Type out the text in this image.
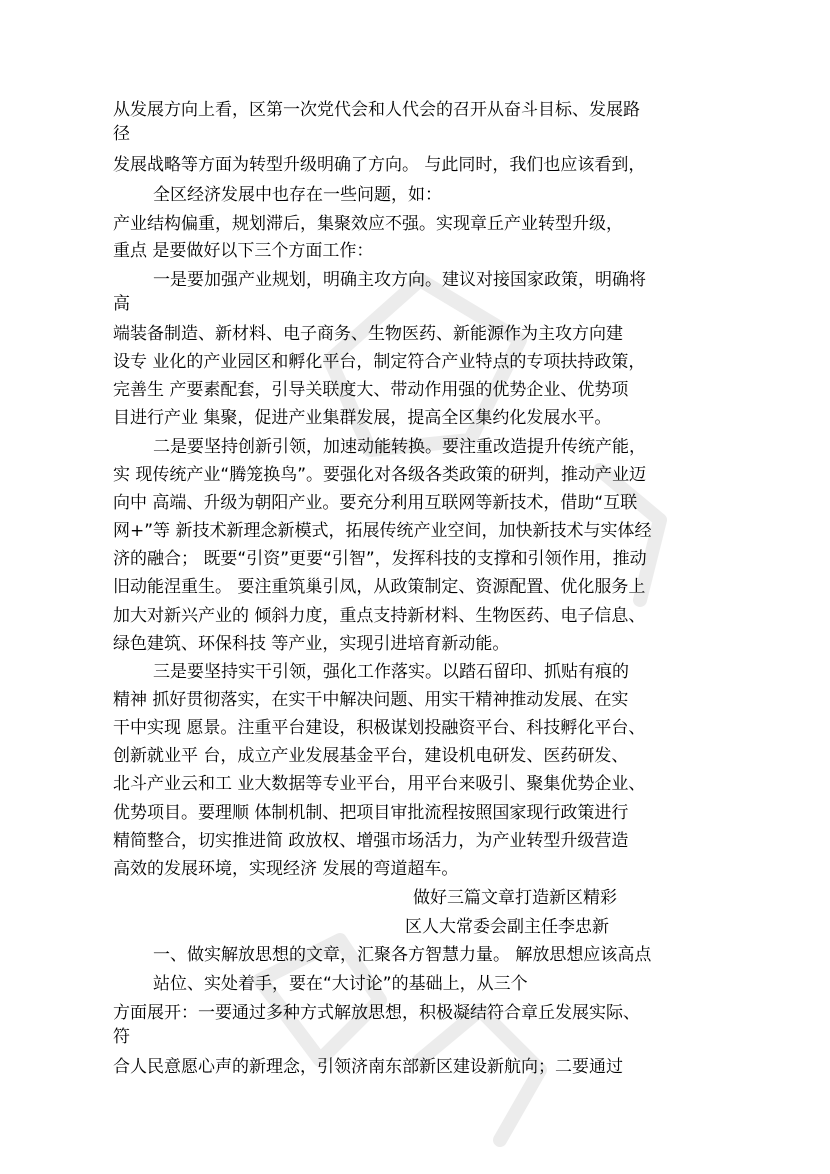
从发展方向上看，区第一次党代会和人代会的召开从奋斗目标、发展路
径
发展战略等方面为转型升级明确了方向。 与此同时，我们也应该看到，
全区经济发展中也存在一些问题，如：
产业结构偏重，规划滞后，集聚效应不强。实现章丘产业转型升级，
重点 是要做好以下三个方面工作：
一是要加强产业规划，明确主攻方向。建议对接国家政策，明确将
高
端装备制造、新材料、电子商务、生物医药、新能源作为主攻方向建
设专 业化的产业园区和孵化平台，制定符合产业特点的专项扶持政策，
完善生 产要素配套，引导关联度大、带动作用强的优势企业、优势项
目进行产业 集聚，促进产业集群发展，提高全区集约化发展水平。
二是要坚持创新引领，加速动能转换。要注重改造提升传统产能，
实 现传统产业“腾笼换鸟”。要强化对各级各类政策的研判，推动产业迈
向中 高端、升级为朝阳产业。要充分利用互联网等新技术，借助“互联
网+”等 新技术新理念新模式，拓展传统产业空间，加快新技术与实体经
济的融合； 既要“引资”更要“引智”，发挥科技的支撑和引领作用，推动
旧动能涅重生。 要注重筑巢引凤，从政策制定、资源配置、优化服务上
加大对新兴产业的 倾斜力度，重点支持新材料、生物医药、电子信息、
绿色建筑、环保科技 等产业，实现引进培育新动能。
三是要坚持实干引领，强化工作落实。以踏石留印、抓贴有痕的
精神 抓好贯彻落实，在实干中解决问题、用实干精神推动发展、在实
干中实现 愿景。注重平台建设，积极谋划投融资平台、科技孵化平台、
创新就业平 台，成立产业发展基金平台，建设机电研发、医药研发、
北斗产业云和工 业大数据等专业平台，用平台来吸引、聚集优势企业、
优势项目。要理顺 体制机制、把项目审批流程按照国家现行政策进行
精简整合，切实推进简 政放权、增强市场活力，为产业转型升级营造
高效的发展环境，实现经济 发展的弯道超车。
做好三篇文章打造新区精彩
区人大常委会副主任李忠新
一、做实解放思想的文章，汇聚各方智慧力量。 解放思想应该高点
站位、实处着手，要在“大讨论”的基础上，从三个
方面展开：一要通过多种方式解放思想，积极凝结符合章丘发展实际、
符
合人民意愿心声的新理念，引领济南东部新区建设新航向；二要通过
